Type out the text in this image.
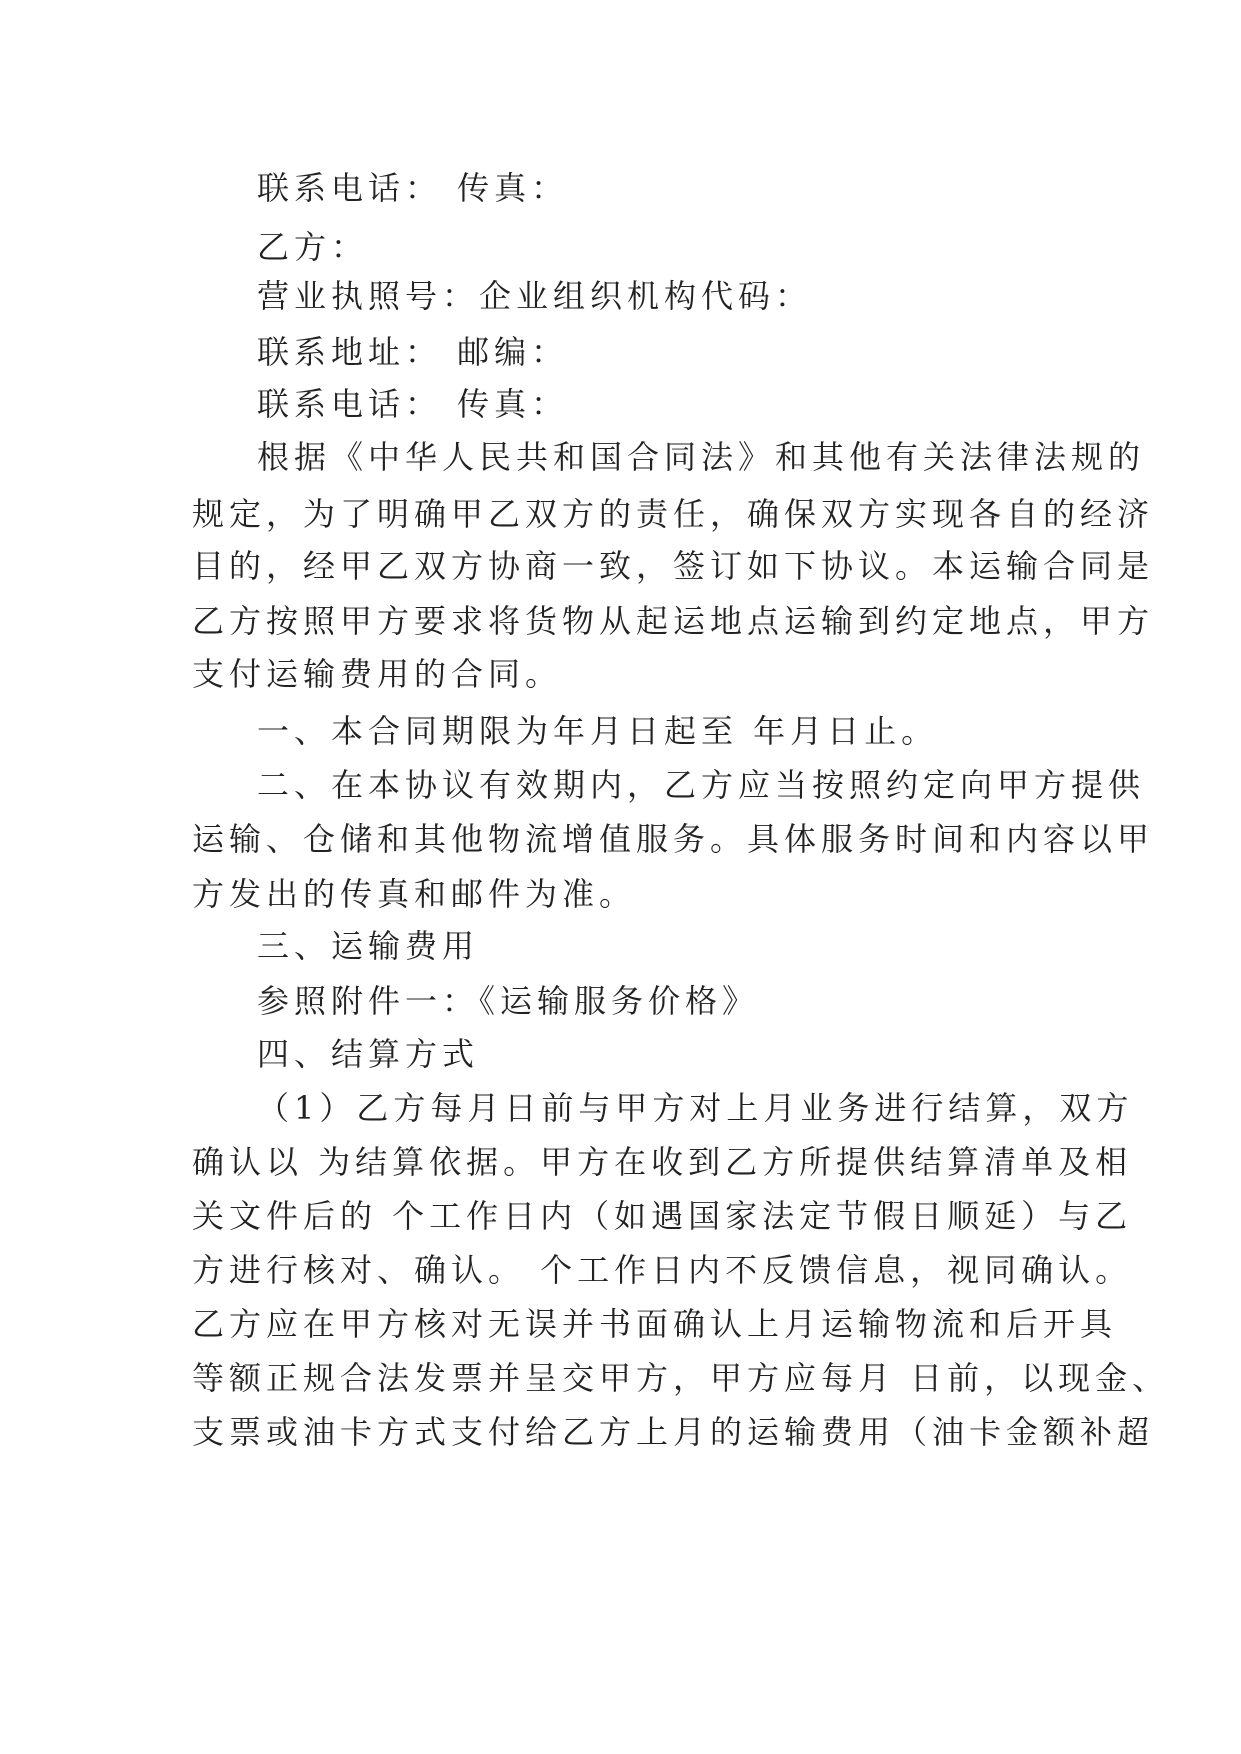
联系电话： 传真：
乙方：
营业执照号：企业组织机构代码：
联系地址： 邮编：
联系电话： 传真：
根据《中华人民共和国合同法》和其他有关法律法规的
规定，为了明确甲乙双方的责任，确保双方实现各自的经济
目的，经甲乙双方协商一致，签订如下协议。本运输合同是
乙方按照甲方要求将货物从起运地点运输到约定地点，甲方
支付运输费用的合同。
一、本合同期限为年月日起至 年月日止。
二、在本协议有效期内，乙方应当按照约定向甲方提供
运输、仓储和其他物流增值服务。具体服务时间和内容以甲
方发出的传真和邮件为准。
三、运输费用
参照附件一：《运输服务价格》
四、结算方式
（1）乙方每月日前与甲方对上月业务进行结算，双方
确认以 为结算依据。甲方在收到乙方所提供结算清单及相
关文件后的 个工作日内（如遇国家法定节假日顺延）与乙
方进行核对、确认。 个工作日内不反馈信息，视同确认。
乙方应在甲方核对无误并书面确认上月运输物流和后开具
等额正规合法发票并呈交甲方，甲方应每月 日前，以现金、
支票或油卡方式支付给乙方上月的运输费用（油卡金额补超
